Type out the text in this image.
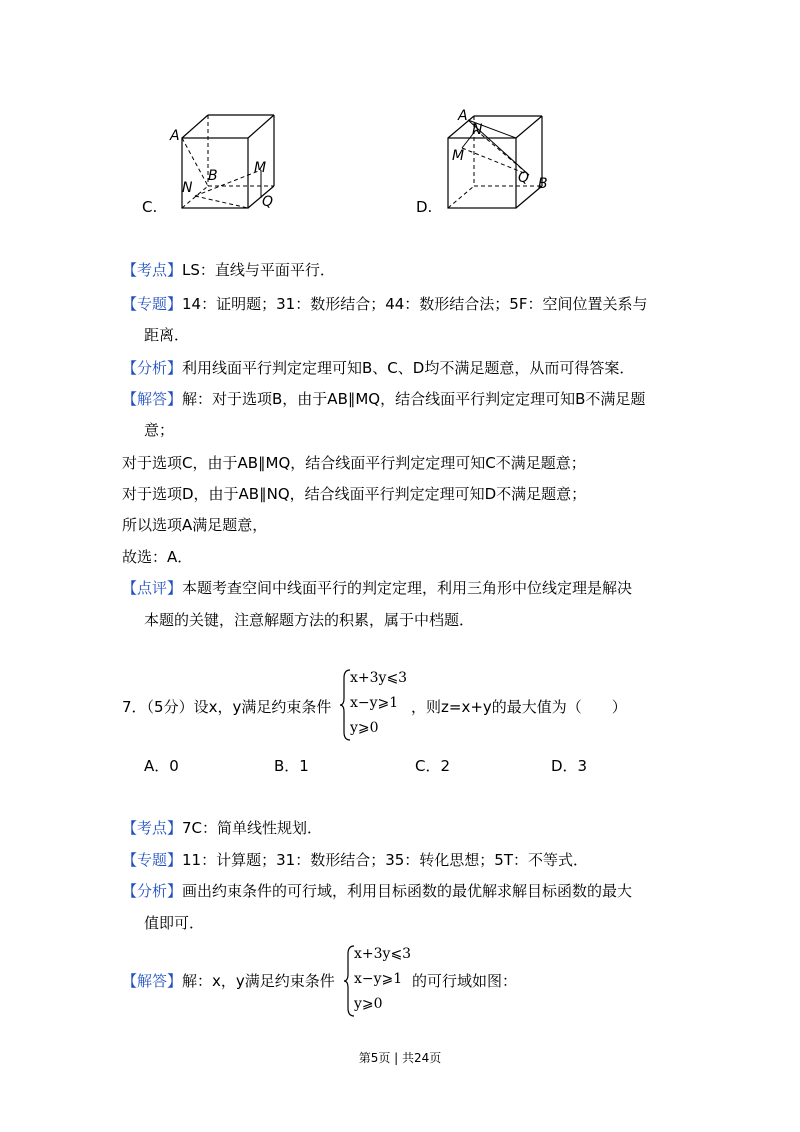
A
B	M
N
Q
C.
A
N
M
Q B
D.
【考点】LS：直线与平面平行．
【专题】14：证明题；31：数形结合；44：数形结合法；5F：空间位置关系与
距离．
【分析】利用线面平行判定定理可知B、C、D均不满足题意，从而可得答案．
【解答】解：对于选项B，由于AB∥MQ，结合线面平行判定定理可知B不满足题
意；
对于选项C，由于AB∥MQ，结合线面平行判定定理可知C不满足题意；
对于选项D，由于AB∥NQ，结合线面平行判定定理可知D不满足题意；
所以选项A满足题意，
故选：A．
【点评】本题考查空间中线面平行的判定定理，利用三角形中位线定理是解决
本题的关键，注意解题方法的积累，属于中档题．
7．（5分）设x，y满足约束条件
x+3y⩽3
x−y⩾1
y⩾0
，则z=x+y的最大值为（　　）
A．0	B．1	C．2	D．3
【考点】7C：简单线性规划．
【专题】11：计算题；31：数形结合；35：转化思想；5T：不等式．
【分析】画出约束条件的可行域，利用目标函数的最优解求解目标函数的最大
值即可．
【解答】解：x，y满足约束条件
x+3y⩽3
x−y⩾1
y⩾0
的可行域如图：
第5页 | 共24页
